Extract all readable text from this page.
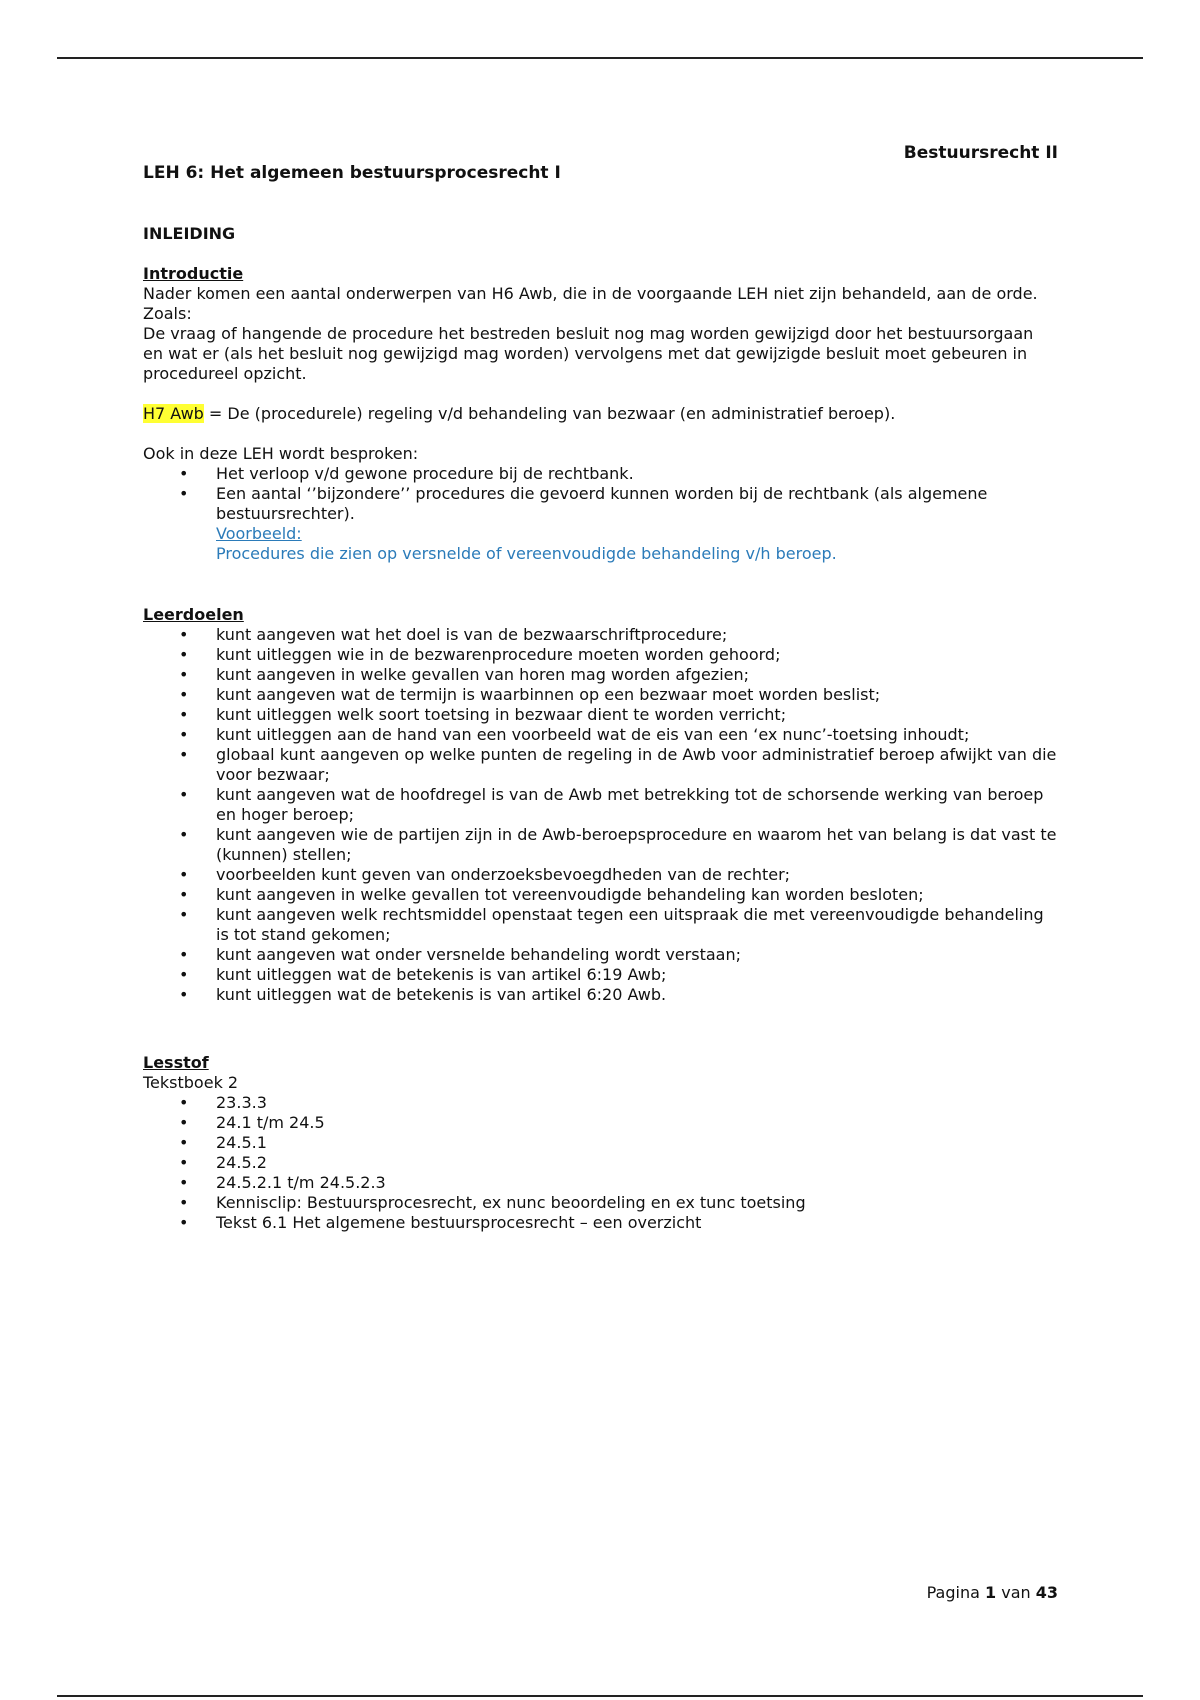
Bestuursrecht II
LEH 6: Het algemeen bestuursprocesrecht I
INLEIDING
Introductie

Nader komen een aantal onderwerpen van H6 Awb, die in de voorgaande LEH niet zijn behandeld, aan de orde. Zoals:

De vraag of hangende de procedure het bestreden besluit nog mag worden gewijzigd door het bestuursorgaan en wat er (als het besluit nog gewijzigd mag worden) vervolgens met dat gewijzigde besluit moet gebeuren in procedureel opzicht.

H7 Awb = De (procedurele) regeling v/d behandeling van bezwaar (en administratief beroep).

Ook in deze LEH wordt besproken:

• Het verloop v/d gewone procedure bij de rechtbank.
• Een aantal ‘’bijzondere’’ procedures die gevoerd kunnen worden bij de rechtbank (als algemene bestuursrechter).
Voorbeeld:
Procedures die zien op versnelde of vereenvoudigde behandeling v/h beroep.
Leerdoelen
• kunt aangeven wat het doel is van de bezwaarschriftprocedure;
• kunt uitleggen wie in de bezwarenprocedure moeten worden gehoord;
• kunt aangeven in welke gevallen van horen mag worden afgezien;
• kunt aangeven wat de termijn is waarbinnen op een bezwaar moet worden beslist;
• kunt uitleggen welk soort toetsing in bezwaar dient te worden verricht;
• kunt uitleggen aan de hand van een voorbeeld wat de eis van een ‘ex nunc’-toetsing inhoudt;
• globaal kunt aangeven op welke punten de regeling in de Awb voor administratief beroep afwijkt van die voor bezwaar;
• kunt aangeven wat de hoofdregel is van de Awb met betrekking tot de schorsende werking van beroep en hoger beroep;
• kunt aangeven wie de partijen zijn in de Awb-beroepsprocedure en waarom het van belang is dat vast te (kunnen) stellen;
• voorbeelden kunt geven van onderzoeksbevoegdheden van de rechter;
• kunt aangeven in welke gevallen tot vereenvoudigde behandeling kan worden besloten;
• kunt aangeven welk rechtsmiddel openstaat tegen een uitspraak die met vereenvoudigde behandeling is tot stand gekomen;
• kunt aangeven wat onder versnelde behandeling wordt verstaan;
• kunt uitleggen wat de betekenis is van artikel 6:19 Awb;
• kunt uitleggen wat de betekenis is van artikel 6:20 Awb.
Lesstof

Tekstboek 2

• 23.3.3
• 24.1 t/m 24.5
• 24.5.1
• 24.5.2
• 24.5.2.1 t/m 24.5.2.3
• Kennisclip: Bestuursprocesrecht, ex nunc beoordeling en ex tunc toetsing
• Tekst 6.1 Het algemene bestuursprocesrecht – een overzicht
Pagina 1 van 43
